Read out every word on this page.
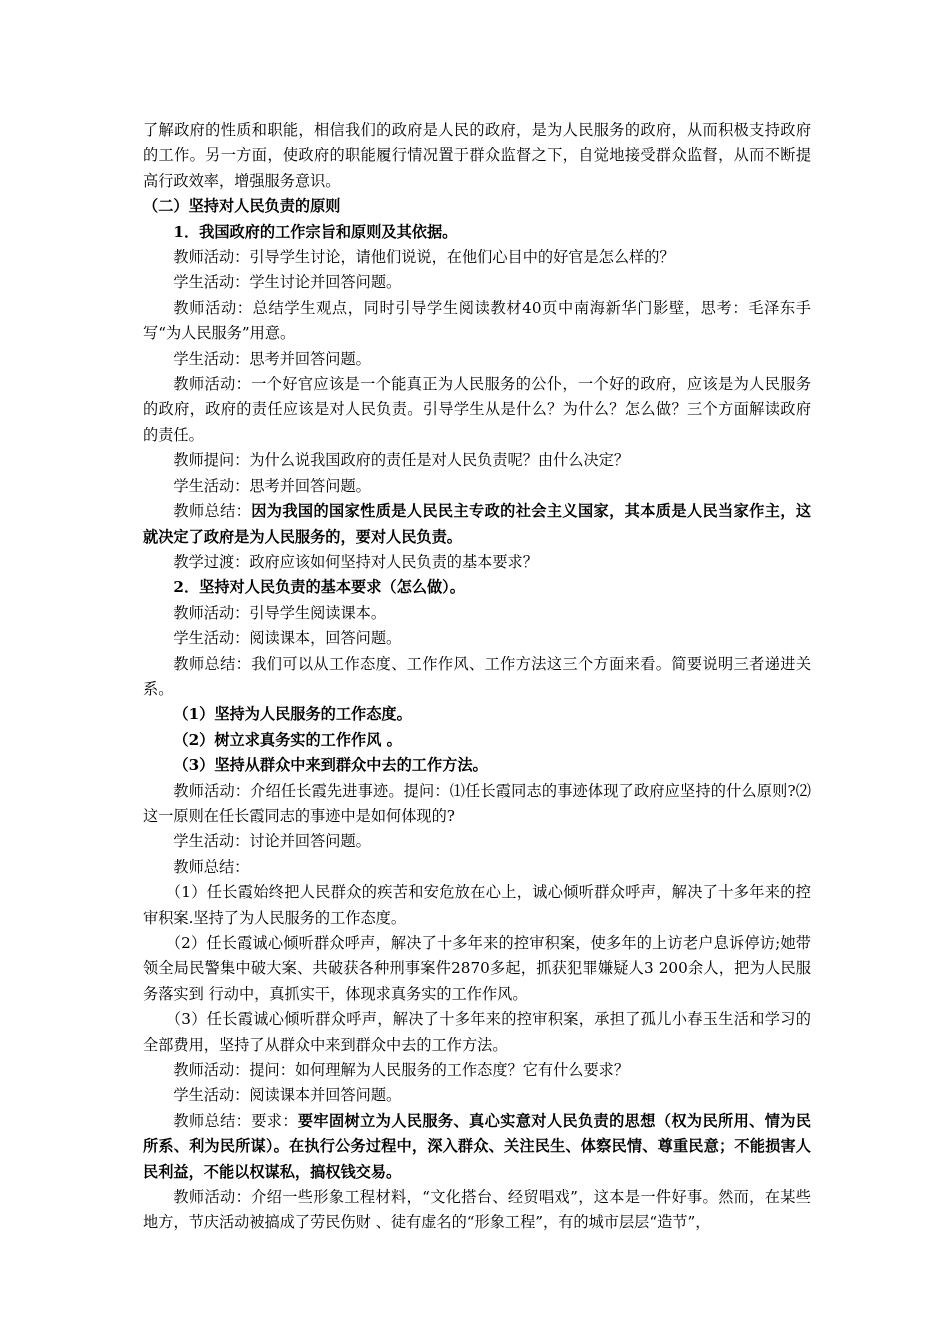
了解政府的性质和职能，相信我们的政府是人民的政府，是为人民服务的政府，从而积极支持政府的工作。另一方面，使政府的职能履行情况置于群众监督之下，自觉地接受群众监督，从而不断提高行政效率，增强服务意识。

（二）坚持对人民负责的原则

1．我国政府的工作宗旨和原则及其依据。

教师活动：引导学生讨论，请他们说说，在他们心目中的好官是怎么样的？

学生活动：学生讨论并回答问题。

教师活动：总结学生观点，同时引导学生阅读教材40页中南海新华门影壁，思考：毛泽东手写“为人民服务”用意。

学生活动：思考并回答问题。

教师活动：一个好官应该是一个能真正为人民服务的公仆，一个好的政府，应该是为人民服务的政府，政府的责任应该是对人民负责。引导学生从是什么？为什么？怎么做？三个方面解读政府的责任。

教师提问：为什么说我国政府的责任是对人民负责呢？由什么决定？

学生活动：思考并回答问题。

教师总结：因为我国的国家性质是人民民主专政的社会主义国家，其本质是人民当家作主，这就决定了政府是为人民服务的，要对人民负责。

教学过渡：政府应该如何坚持对人民负责的基本要求？

2．坚持对人民负责的基本要求（怎么做）。

教师活动：引导学生阅读课本。

学生活动：阅读课本，回答问题。

教师总结：我们可以从工作态度、工作作风、工作方法这三个方面来看。简要说明三者递进关系。

（1）坚持为人民服务的工作态度。

（2）树立求真务实的工作作风 。

（3）坚持从群众中来到群众中去的工作方法。

教师活动：介绍任长霞先进事迹。提问：⑴任长霞同志的事迹体现了政府应坚持的什么原则?⑵这一原则在任长霞同志的事迹中是如何体现的?

学生活动：讨论并回答问题。

教师总结：

（1）任长霞始终把人民群众的疾苦和安危放在心上，诚心倾听群众呼声，解决了十多年来的控审积案.坚持了为人民服务的工作态度。

（2）任长霞诚心倾听群众呼声，解决了十多年来的控审积案，使多年的上访老户息诉停访;她带领全局民警集中破大案、共破获各种刑事案件2870多起，抓获犯罪嫌疑人3 200余人，把为人民服务落实到 行动中，真抓实干，体现求真务实的工作作风。

（3）任长霞诚心倾听群众呼声，解决了十多年来的控审积案，承担了孤儿小春玉生活和学习的全部费用，坚持了从群众中来到群众中去的工作方法。

教师活动：提问：如何理解为人民服务的工作态度？它有什么要求？

学生活动：阅读课本并回答问题。

教师总结：要求：要牢固树立为人民服务、真心实意对人民负责的思想（权为民所用、情为民所系、利为民所谋）。在执行公务过程中，深入群众、关注民生、体察民情、尊重民意；不能损害人民利益，不能以权谋私，搞权钱交易。

教师活动：介绍一些形象工程材料，“文化搭台、经贸唱戏”，这本是一件好事。然而，在某些地方，节庆活动被搞成了劳民伤财 、徒有虚名的“形象工程”，有的城市层层“造节”，
